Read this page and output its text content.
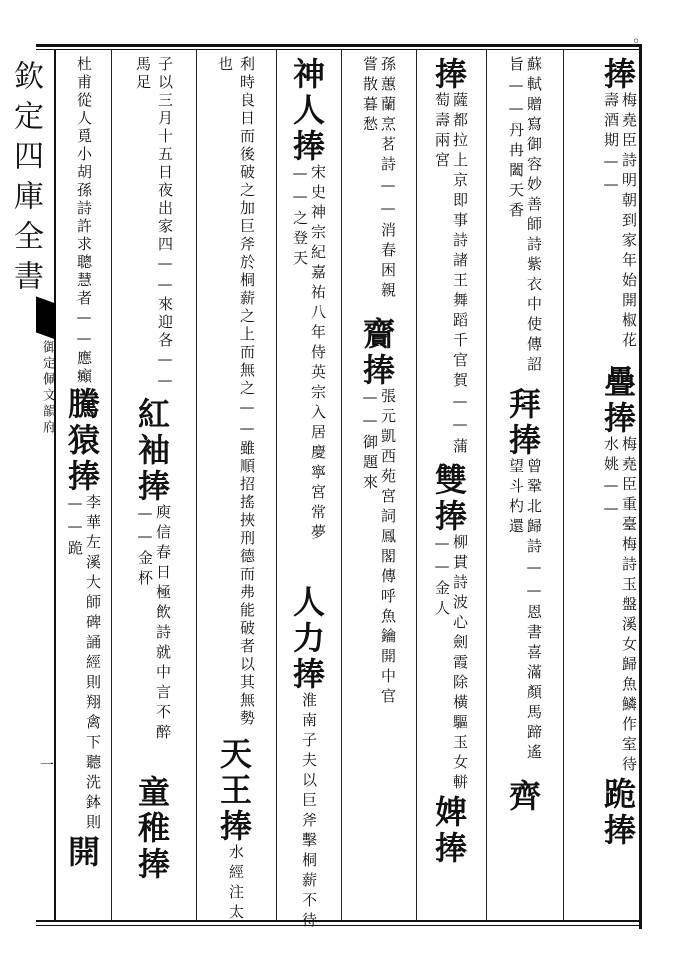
欽定四庫全書
御定佩文韻府
一
捧
梅堯臣詩明朝到家年始開椒花壽酒期——
疊
捧
梅堯臣重臺梅詩玉盤溪女歸魚鱗作室待水姚——
跪
捧
蘇軾贈寫御容妙善師詩紫衣中使傳詔旨——丹冉闔天香
拜
捧
曾鞏北歸詩——恩書喜滿顏馬蹄遙望斗杓還
齊
捧
薩都拉上京即事詩諸王舞蹈千官賀——蒲萄壽兩宮
雙
捧
柳貫詩波心劍霞除橫驅玉女軿——金人
婢
捧
孫蕙蘭烹茗詩——消春困親嘗散暮愁
齎
捧
張元凱西苑宮詞鳳閣傳呼魚鑰開中官——御題來
神
人
捧
宋史神宗紀嘉祐八年侍英宗入居慶寧宮常夢——之登天
人
力
捧
淮南子夫以巨斧擊桐薪不待
利時良日而後破之加巨斧於桐薪之上而無之——雖順招搖挾刑德而弗能破者以其無勢也
天
王
捧
水經注太
子以三月十五日夜出家四——來迎各——馬足
紅
袖
捧
庾信春日極飲詩就中言不醉——金杯
童
稚
捧
杜甫從人覓小胡孫詩許求聰慧者——應癲
騰
猿
捧
李華左溪大師碑誦經則翔禽下聽洗鉢則——跪
開
◦
